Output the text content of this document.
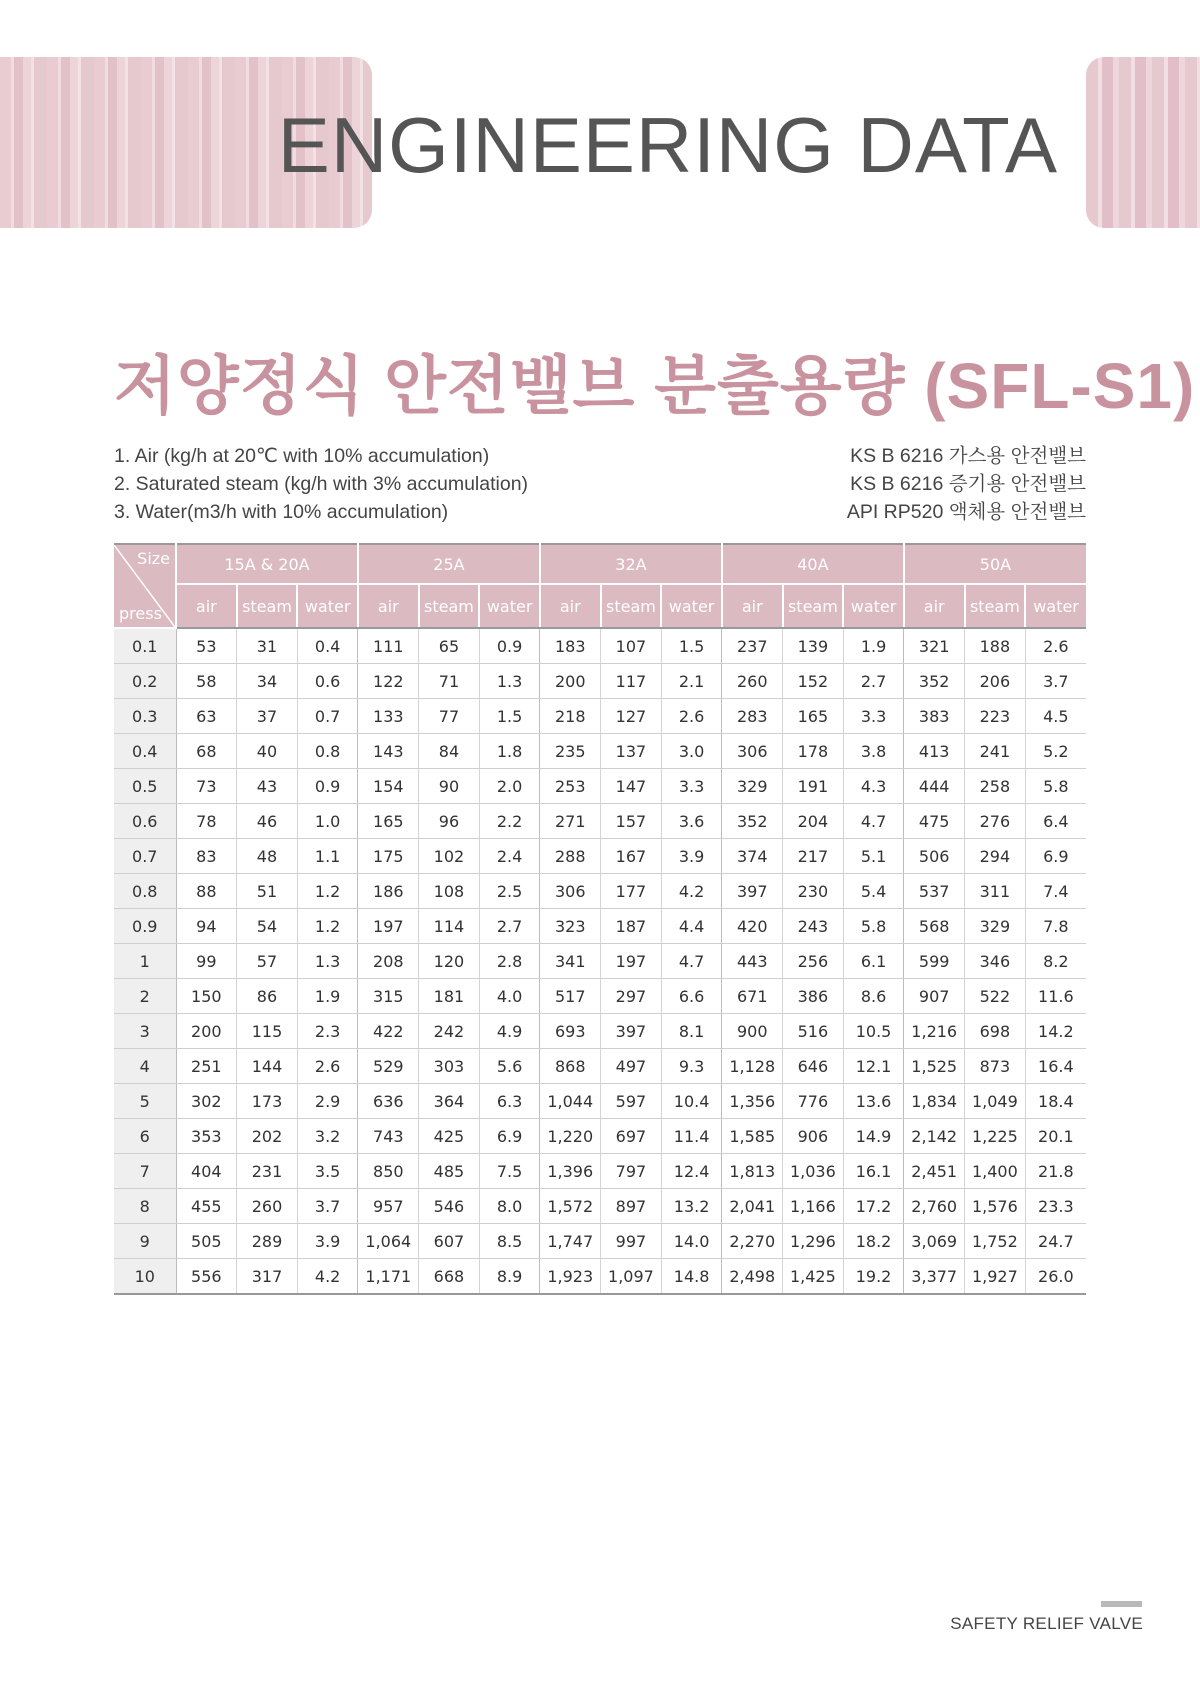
ENGINEERING DATA
저양정식 안전밸브 분출용량 (SFL-S1)
1. Air (kg/h at 20℃ with 10% accumulation)
2. Saturated steam (kg/h with 3% accumulation)
3. Water(m3/h with 10% accumulation)
KS B 6216 가스용 안전밸브
KS B 6216 증기용 안전밸브
API RP520 액체용 안전밸브
Size
press	15A & 20A			25A			32A			40A			50A		
	air	steam	water	air	steam	water	air	steam	water	air	steam	water	air	steam	water
0.1	53	31	0.4	111	65	0.9	183	107	1.5	237	139	1.9	321	188	2.6
0.2	58	34	0.6	122	71	1.3	200	117	2.1	260	152	2.7	352	206	3.7
0.3	63	37	0.7	133	77	1.5	218	127	2.6	283	165	3.3	383	223	4.5
0.4	68	40	0.8	143	84	1.8	235	137	3.0	306	178	3.8	413	241	5.2
0.5	73	43	0.9	154	90	2.0	253	147	3.3	329	191	4.3	444	258	5.8
0.6	78	46	1.0	165	96	2.2	271	157	3.6	352	204	4.7	475	276	6.4
0.7	83	48	1.1	175	102	2.4	288	167	3.9	374	217	5.1	506	294	6.9
0.8	88	51	1.2	186	108	2.5	306	177	4.2	397	230	5.4	537	311	7.4
0.9	94	54	1.2	197	114	2.7	323	187	4.4	420	243	5.8	568	329	7.8
1	99	57	1.3	208	120	2.8	341	197	4.7	443	256	6.1	599	346	8.2
2	150	86	1.9	315	181	4.0	517	297	6.6	671	386	8.6	907	522	11.6
3	200	115	2.3	422	242	4.9	693	397	8.1	900	516	10.5	1,216	698	14.2
4	251	144	2.6	529	303	5.6	868	497	9.3	1,128	646	12.1	1,525	873	16.4
5	302	173	2.9	636	364	6.3	1,044	597	10.4	1,356	776	13.6	1,834	1,049	18.4
6	353	202	3.2	743	425	6.9	1,220	697	11.4	1,585	906	14.9	2,142	1,225	20.1
7	404	231	3.5	850	485	7.5	1,396	797	12.4	1,813	1,036	16.1	2,451	1,400	21.8
8	455	260	3.7	957	546	8.0	1,572	897	13.2	2,041	1,166	17.2	2,760	1,576	23.3
9	505	289	3.9	1,064	607	8.5	1,747	997	14.0	2,270	1,296	18.2	3,069	1,752	24.7
10	556	317	4.2	1,171	668	8.9	1,923	1,097	14.8	2,498	1,425	19.2	3,377	1,927	26.0
SAFETY RELIEF VALVE
